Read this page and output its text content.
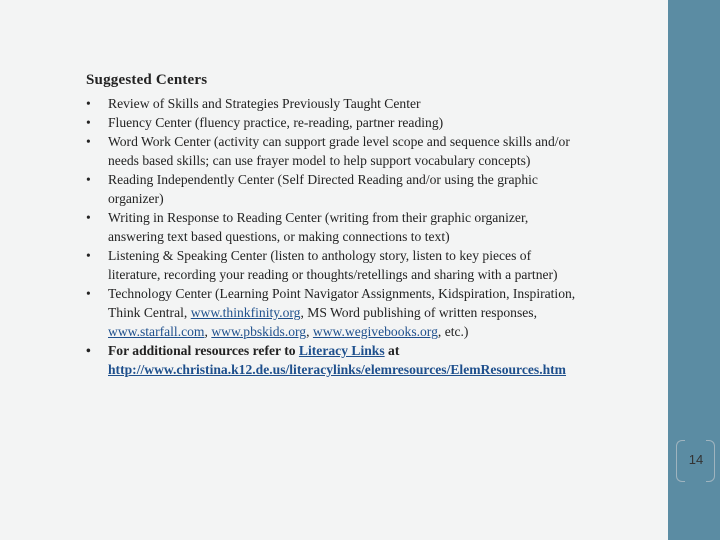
Suggested Centers
•	Review of Skills and Strategies Previously Taught Center
•	Fluency Center (fluency practice, re-reading, partner reading)
•	Word Work Center (activity can support grade level scope and sequence skills and/or
needs based skills; can use frayer model to help support vocabulary concepts)
•	Reading Independently Center (Self Directed Reading and/or using the graphic
organizer)
•	Writing in Response to Reading Center (writing from their graphic organizer,
answering text based questions, or making connections to text)
•	Listening & Speaking Center (listen to anthology story, listen to key pieces of
literature, recording your reading or thoughts/retellings and sharing with a partner)
•	Technology Center (Learning Point Navigator Assignments, Kidspiration, Inspiration,
Think Central, www.thinkfinity.org, MS Word publishing of written responses,
www.starfall.com, www.pbskids.org, www.wegivebooks.org, etc.)
•	For additional resources refer to Literacy Links at
http://www.christina.k12.de.us/literacylinks/elemresources/ElemResources.htm
14
